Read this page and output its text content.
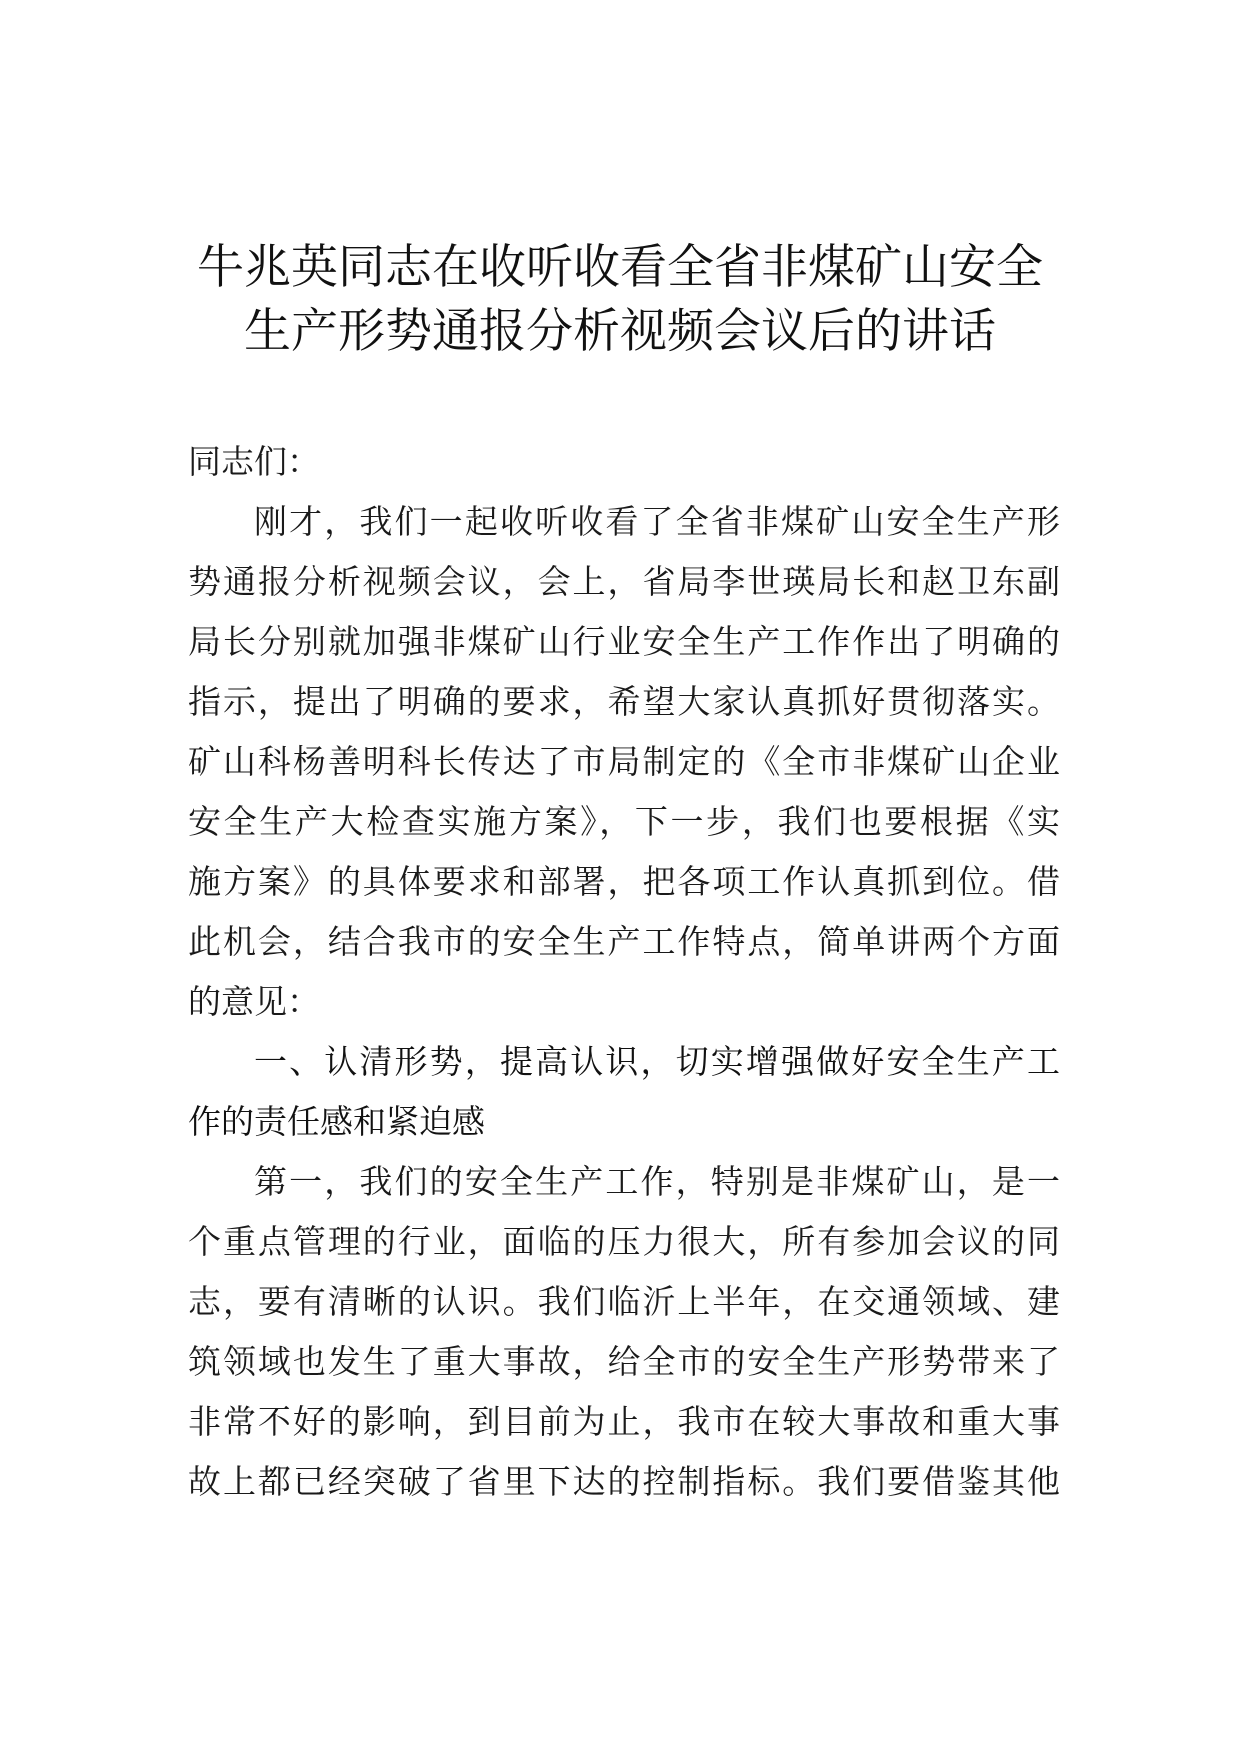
牛兆英同志在收听收看全省非煤矿山安全
生产形势通报分析视频会议后的讲话
同志们：
刚才，我们一起收听收看了全省非煤矿山安全生产形
势通报分析视频会议，会上，省局李世瑛局长和赵卫东副
局长分别就加强非煤矿山行业安全生产工作作出了明确的
指示，提出了明确的要求，希望大家认真抓好贯彻落实。
矿山科杨善明科长传达了市局制定的《全市非煤矿山企业
安全生产大检查实施方案》，下一步，我们也要根据《实
施方案》的具体要求和部署，把各项工作认真抓到位。借
此机会，结合我市的安全生产工作特点，简单讲两个方面
的意见：
一、认清形势，提高认识，切实增强做好安全生产工
作的责任感和紧迫感
第一，我们的安全生产工作，特别是非煤矿山，是一
个重点管理的行业，面临的压力很大，所有参加会议的同
志，要有清晰的认识。我们临沂上半年，在交通领域、建
筑领域也发生了重大事故，给全市的安全生产形势带来了
非常不好的影响，到目前为止，我市在较大事故和重大事
故上都已经突破了省里下达的控制指标。我们要借鉴其他
